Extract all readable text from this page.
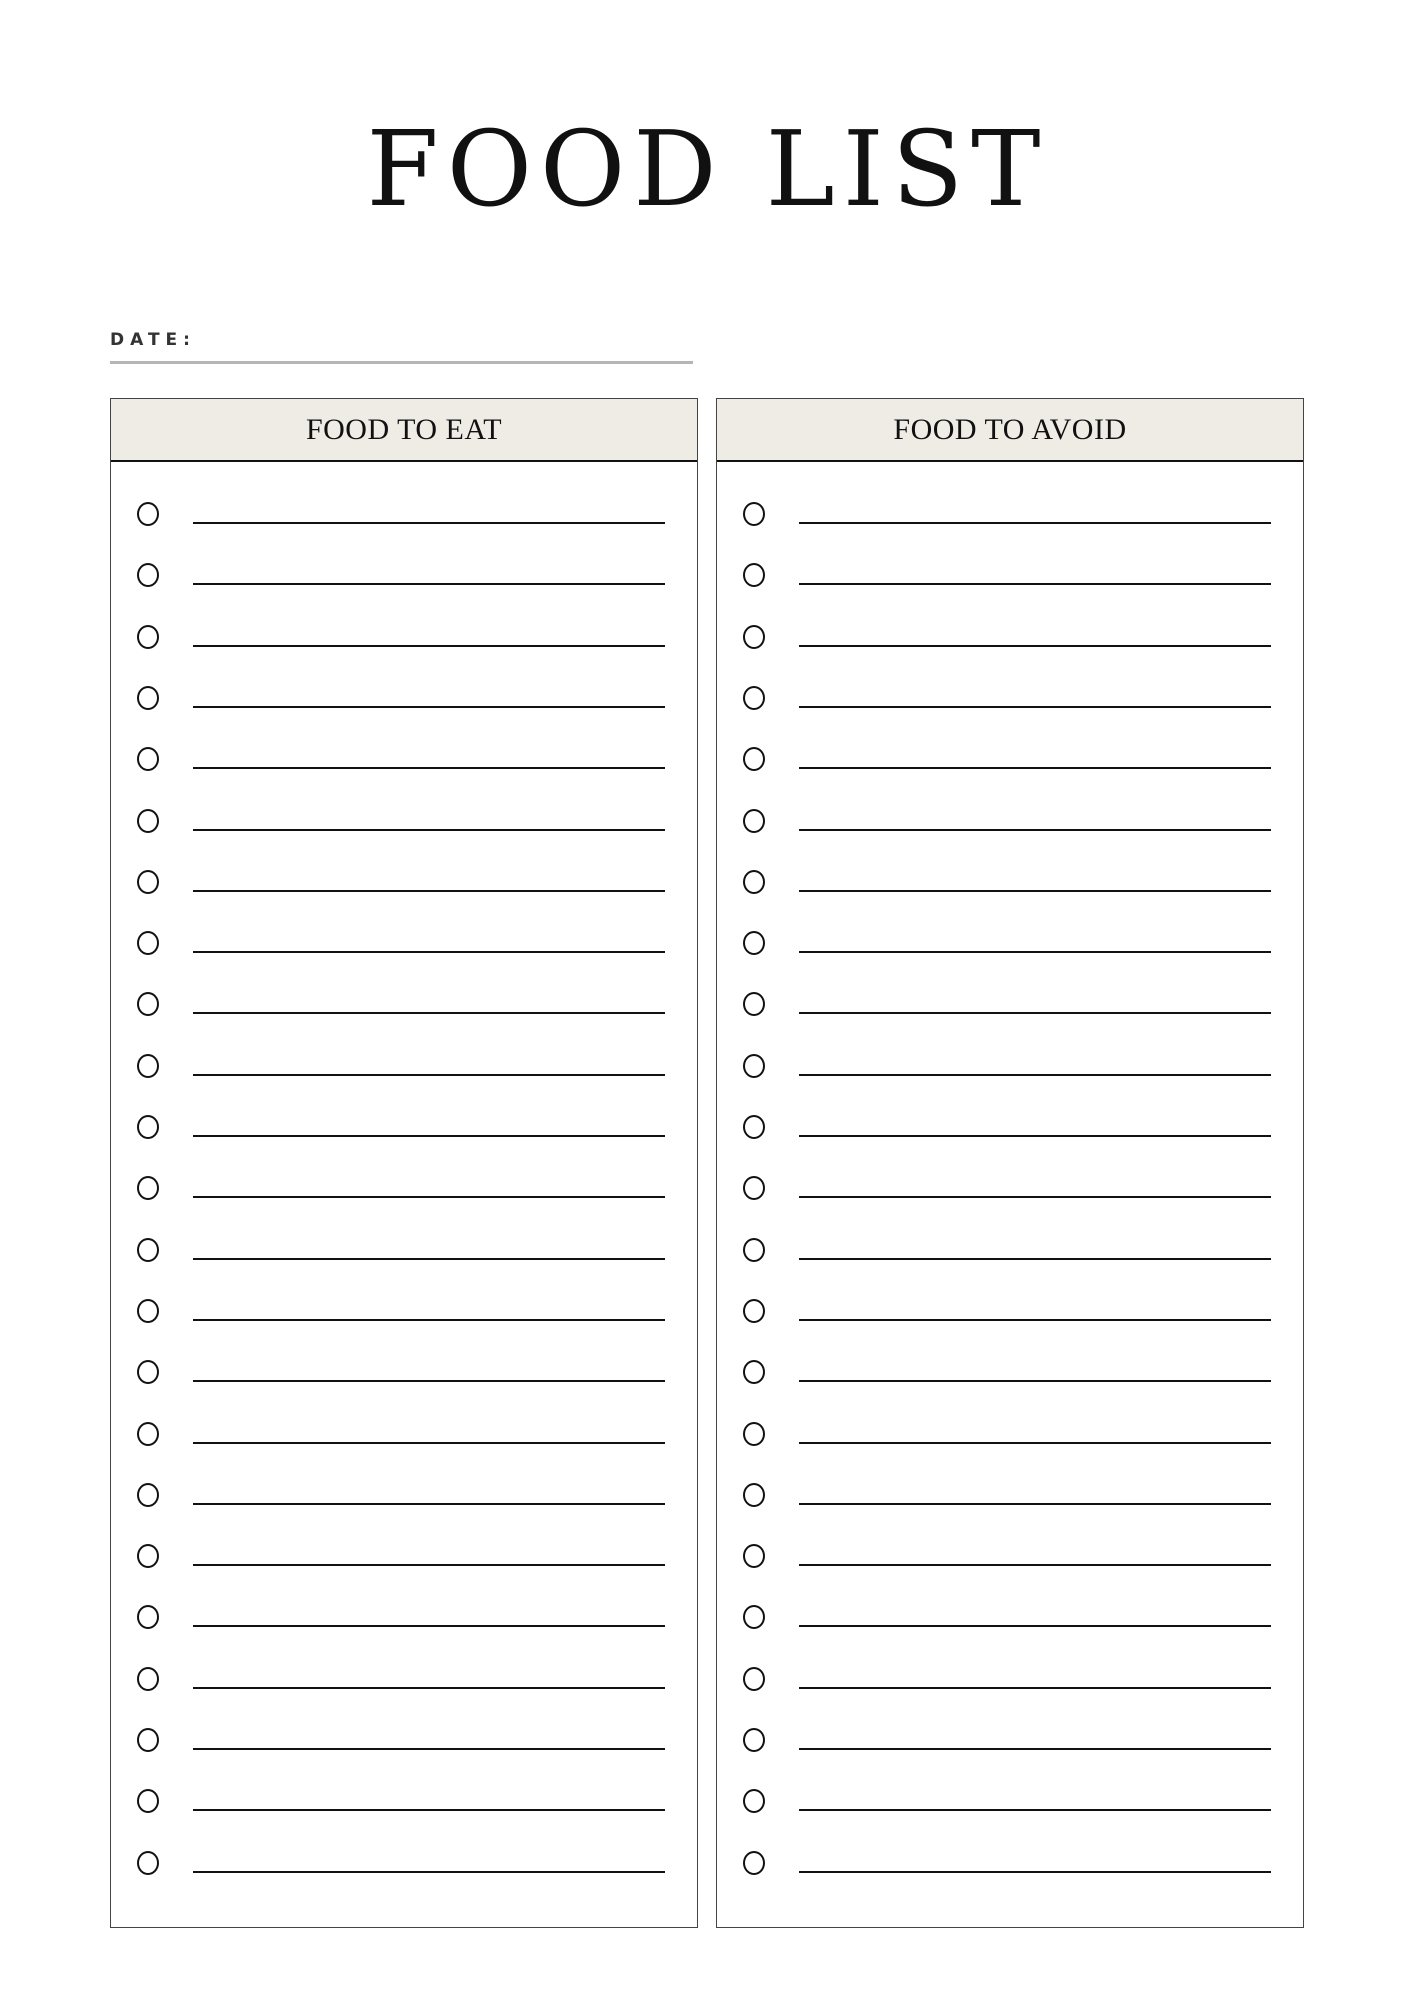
FOOD LIST
DATE:
FOOD TO EAT	FOOD TO AVOID
